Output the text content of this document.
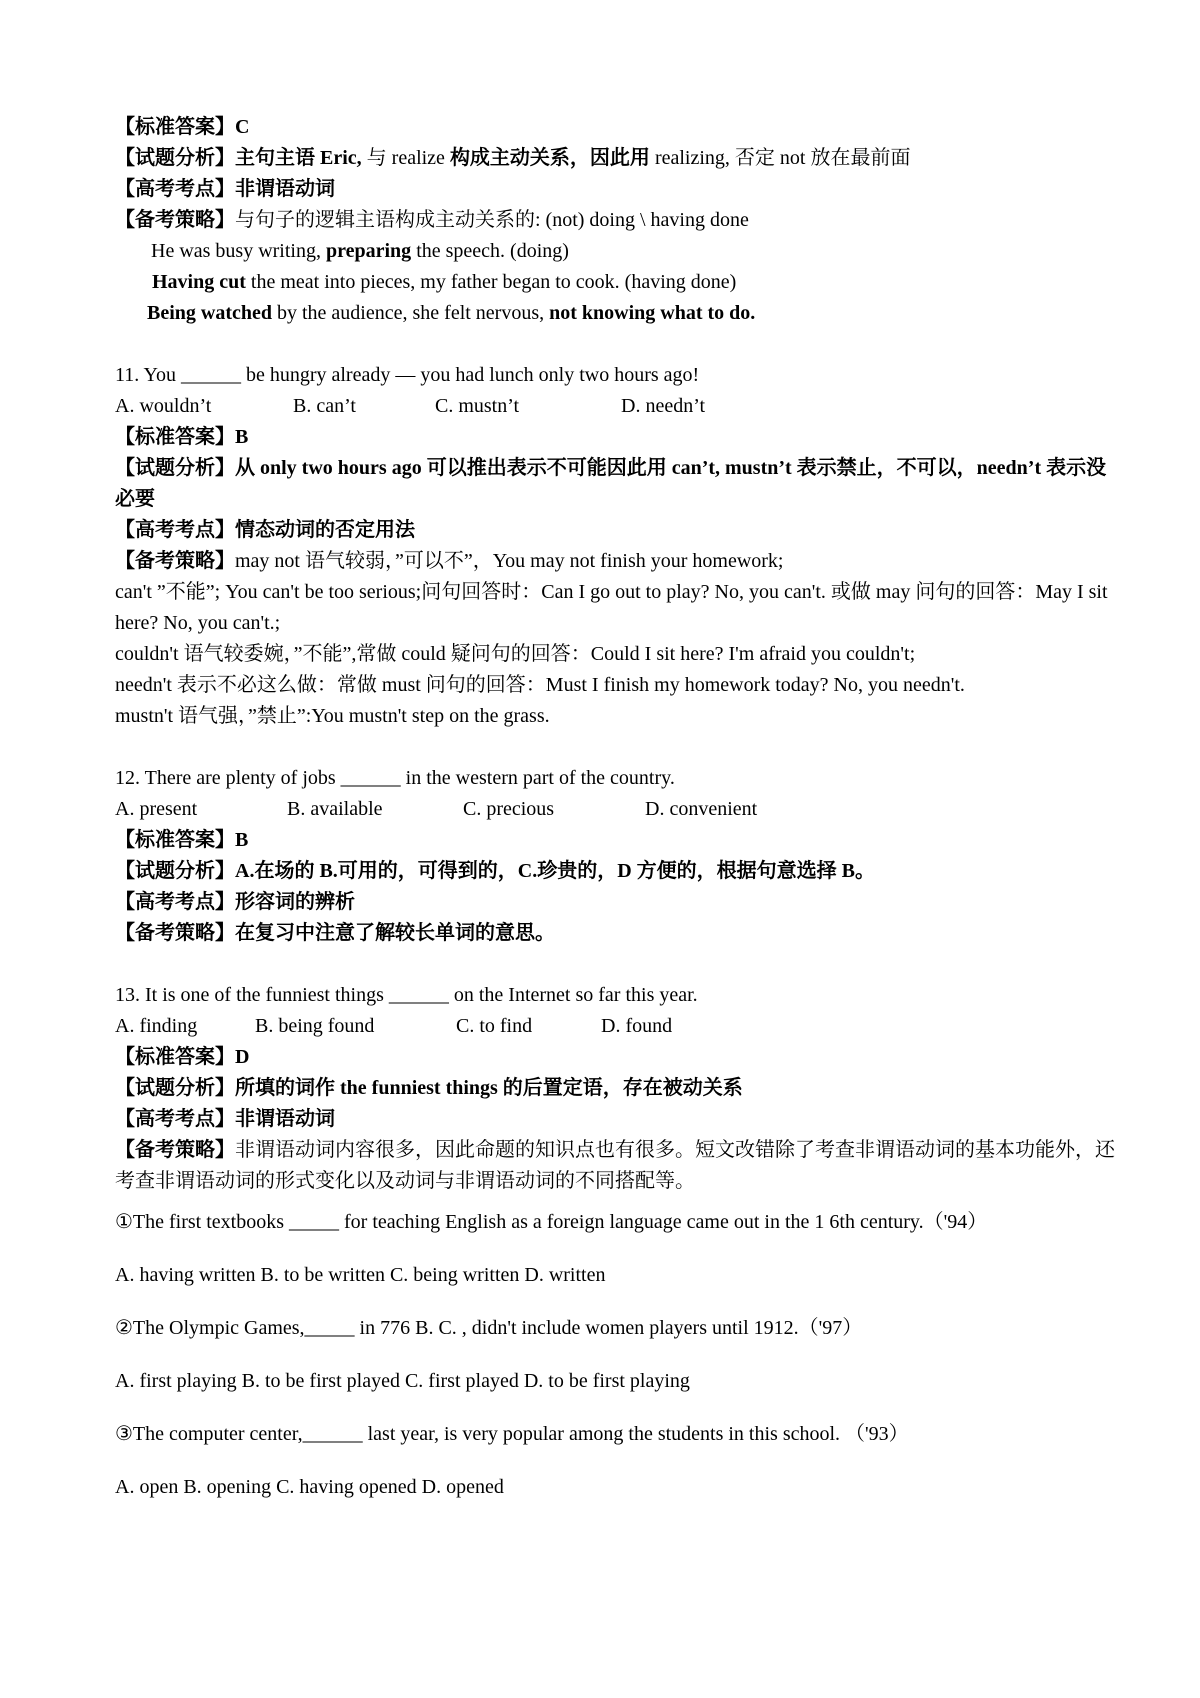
【标准答案】C
【试题分析】主句主语 Eric, 与 realize 构成主动关系，因此用 realizing, 否定 not 放在最前面
【高考考点】非谓语动词
【备考策略】与句子的逻辑主语构成主动关系的: (not) doing \ having done
He was busy writing, preparing the speech. (doing)
Having cut the meat into pieces, my father began to cook. (having done)
Being watched by the audience, she felt nervous, not knowing what to do.
11. You ______ be hungry already — you had lunch only two hours ago!
A. wouldn’t	B. can’t	C. mustn’t	D. needn’t
【标准答案】B
【试题分析】从 only two hours ago 可以推出表示不可能因此用 can’t, mustn’t 表示禁止，不可以，needn’t 表示没必要
【高考考点】情态动词的否定用法
【备考策略】may not 语气较弱，”可以不”，You may not finish your homework;
can't ”不能”; You can't be too serious;问句回答时：Can I go out to play? No, you can't. 或做 may 问句的回答：May I sit here? No, you can't.;
couldn't 语气较委婉，”不能”,常做 could 疑问句的回答：Could I sit here? I'm afraid you couldn't;
needn't 表示不必这么做：常做 must 问句的回答：Must I finish my homework today? No, you needn't.
mustn't 语气强，”禁止”:You mustn't step on the grass.
12. There are plenty of jobs ______ in the western part of the country.
A. present	B. available	C. precious	D. convenient
【标准答案】B
【试题分析】A.在场的 B.可用的，可得到的，C.珍贵的，D 方便的，根据句意选择 B。
【高考考点】形容词的辨析
【备考策略】在复习中注意了解较长单词的意思。
13. It is one of the funniest things ______ on the Internet so far this year.
A. finding	B. being found	C. to find	D. found
【标准答案】D
【试题分析】所填的词作 the funniest things 的后置定语，存在被动关系
【高考考点】非谓语动词
【备考策略】非谓语动词内容很多，因此命题的知识点也有很多。短文改错除了考查非谓语动词的基本功能外，还考查非谓语动词的形式变化以及动词与非谓语动词的不同搭配等。
①The first textbooks _____ for teaching English as a foreign language came out in the 1 6th century.（'94）
A. having written B. to be written C. being written D. written
②The Olympic Games,_____ in 776 B. C. , didn't include women players until 1912.（'97）
A. first playing B. to be first played C. first played D. to be first playing
③The computer center,______ last year, is very popular among the students in this school. （'93）
A. open B. opening C. having opened D. opened
